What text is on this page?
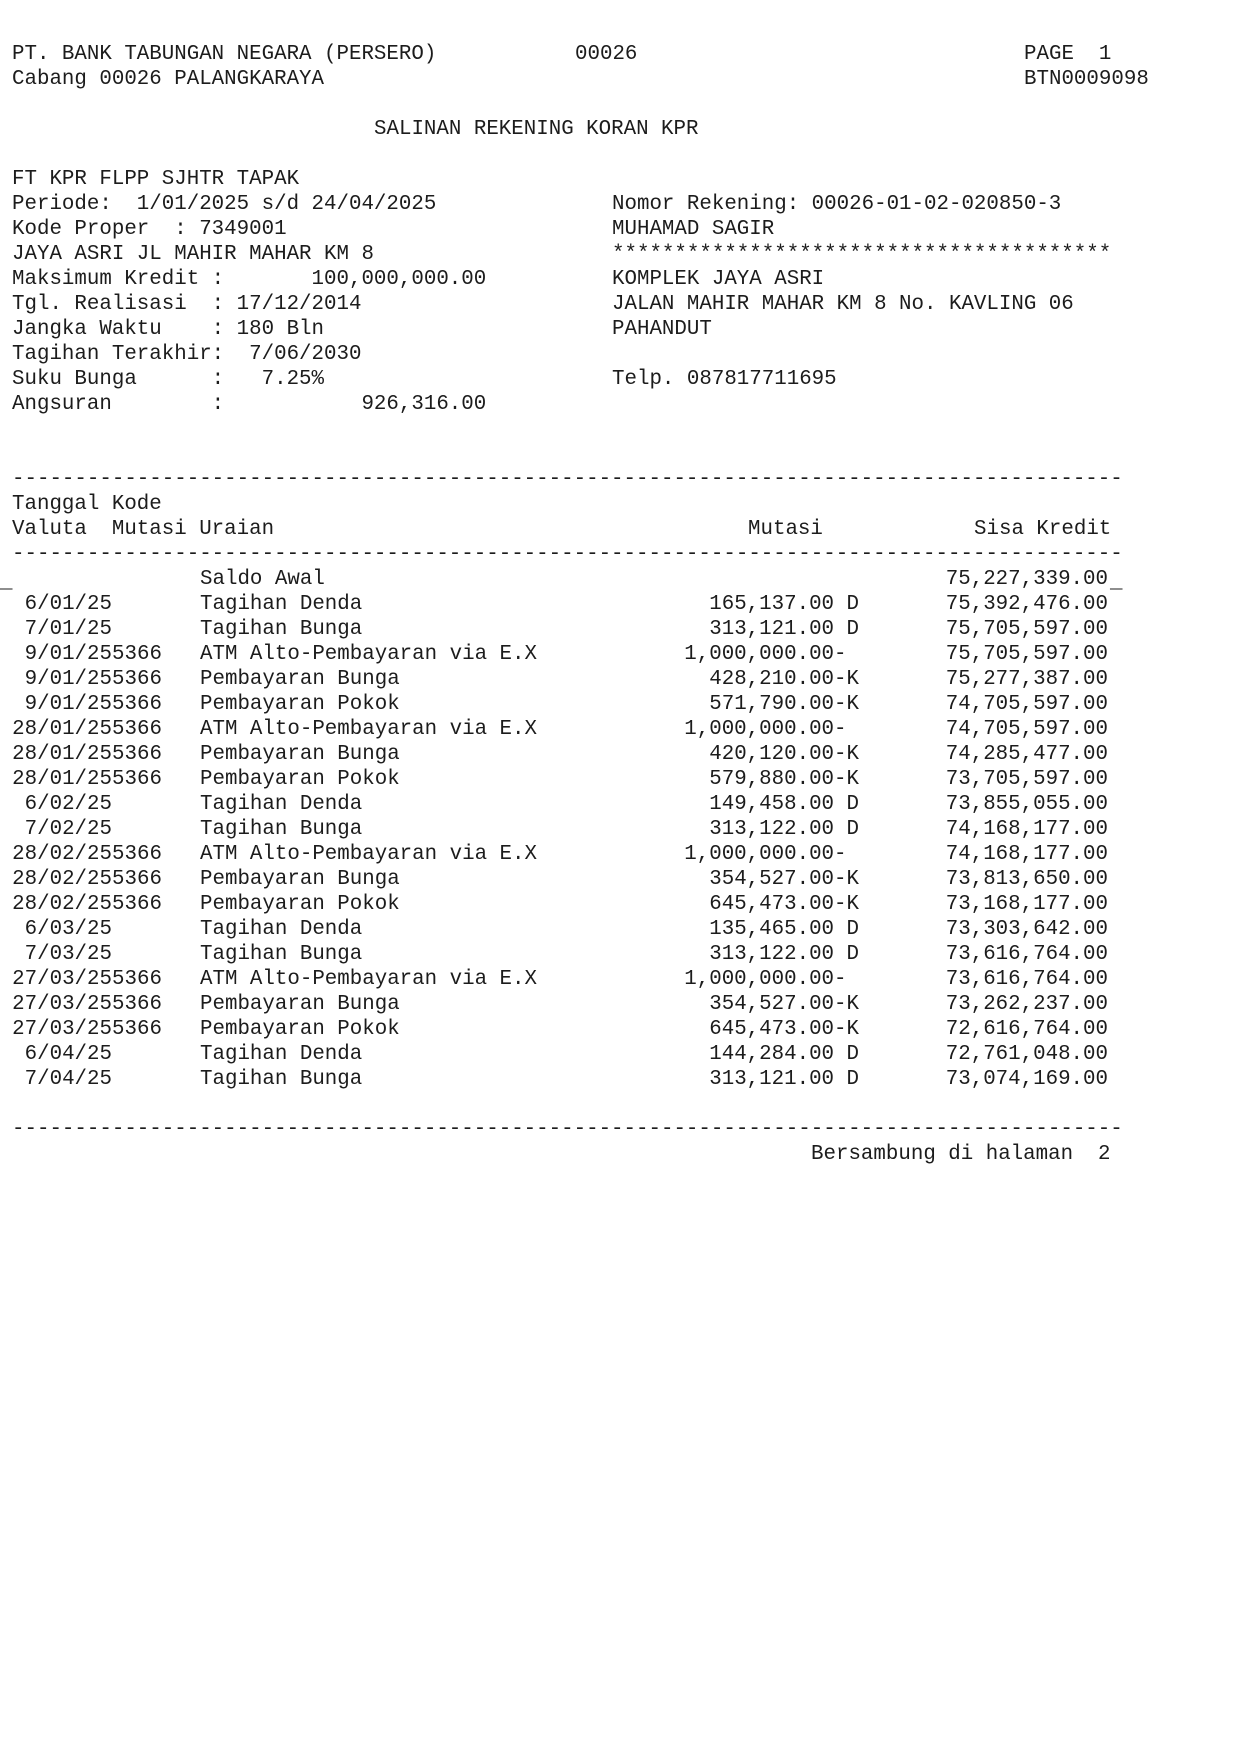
PT. BANK TABUNGAN NEGARA (PERSERO)	00026	PAGE  1
Cabang 00026 PALANGKARAYA	BTN0009098
SALINAN REKENING KORAN KPR
FT KPR FLPP SJHTR TAPAK
Periode:  1/01/2025 s/d 24/04/2025
Kode Proper  : 7349001
JAYA ASRI JL MAHIR MAHAR KM 8
Maksimum Kredit :       100,000,000.00
Tgl. Realisasi  : 17/12/2014
Jangka Waktu    : 180 Bln
Tagihan Terakhir:  7/06/2030
Suku Bunga      :   7.25%
Angsuran        :           926,316.00
Nomor Rekening: 00026-01-02-020850-3
MUHAMAD SAGIR
****************************************
KOMPLEK JAYA ASRI
JALAN MAHIR MAHAR KM 8 No. KAVLING 06
PAHANDUT
Telp. 087817711695
-----------------------------------------------------------------------------------------
Tanggal Kode
Valuta  Mutasi Uraian	Mutasi	Sisa Kredit
-----------------------------------------------------------------------------------------
_	_
Saldo Awal	75,227,339.00
6/01/25	Tagihan Denda	165,137.00 D	75,392,476.00
7/01/25	Tagihan Bunga	313,121.00 D	75,705,597.00
9/01/25 5366 ATM Alto-Pembayaran via E.X	1,000,000.00-	75,705,597.00
9/01/25 5366 Pembayaran Bunga	428,210.00-K	75,277,387.00
9/01/25 5366 Pembayaran Pokok	571,790.00-K	74,705,597.00
28/01/25 5366 ATM Alto-Pembayaran via E.X	1,000,000.00-	74,705,597.00
28/01/25 5366 Pembayaran Bunga	420,120.00-K	74,285,477.00
28/01/25 5366 Pembayaran Pokok	579,880.00-K	73,705,597.00
6/02/25	Tagihan Denda	149,458.00 D	73,855,055.00
7/02/25	Tagihan Bunga	313,122.00 D	74,168,177.00
28/02/25 5366 ATM Alto-Pembayaran via E.X	1,000,000.00-	74,168,177.00
28/02/25 5366 Pembayaran Bunga	354,527.00-K	73,813,650.00
28/02/25 5366 Pembayaran Pokok	645,473.00-K	73,168,177.00
6/03/25	Tagihan Denda	135,465.00 D	73,303,642.00
7/03/25	Tagihan Bunga	313,122.00 D	73,616,764.00
27/03/25 5366 ATM Alto-Pembayaran via E.X	1,000,000.00-	73,616,764.00
27/03/25 5366 Pembayaran Bunga	354,527.00-K	73,262,237.00
27/03/25 5366 Pembayaran Pokok	645,473.00-K	72,616,764.00
6/04/25	Tagihan Denda	144,284.00 D	72,761,048.00
7/04/25	Tagihan Bunga	313,121.00 D	73,074,169.00
-----------------------------------------------------------------------------------------
Bersambung di halaman  2
